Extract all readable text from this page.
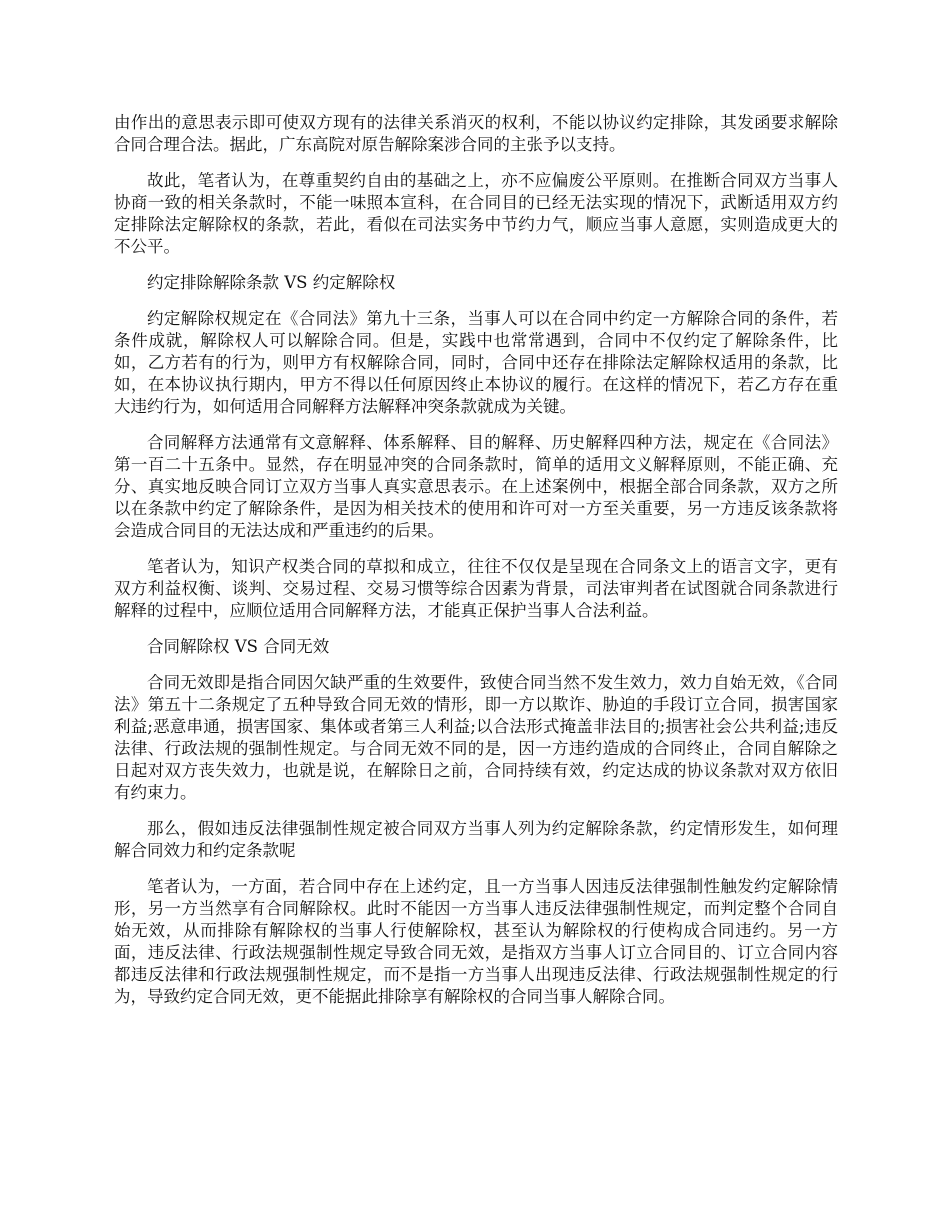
由作出的意思表示即可使双方现有的法律关系消灭的权利，不能以协议约定排除，其发函要求解除合同合理合法。据此，广东高院对原告解除案涉合同的主张予以支持。

故此，笔者认为，在尊重契约自由的基础之上，亦不应偏废公平原则。在推断合同双方当事人协商一致的相关条款时，不能一味照本宣科，在合同目的已经无法实现的情况下，武断适用双方约定排除法定解除权的条款，若此，看似在司法实务中节约力气，顺应当事人意愿，实则造成更大的不公平。

约定排除解除条款 VS 约定解除权

约定解除权规定在《合同法》第九十三条，当事人可以在合同中约定一方解除合同的条件，若条件成就，解除权人可以解除合同。但是，实践中也常常遇到，合同中不仅约定了解除条件，比如，乙方若有的行为，则甲方有权解除合同，同时，合同中还存在排除法定解除权适用的条款，比如，在本协议执行期内，甲方不得以任何原因终止本协议的履行。在这样的情况下，若乙方存在重大违约行为，如何适用合同解释方法解释冲突条款就成为关键。

合同解释方法通常有文意解释、体系解释、目的解释、历史解释四种方法，规定在《合同法》第一百二十五条中。显然，存在明显冲突的合同条款时，简单的适用文义解释原则，不能正确、充分、真实地反映合同订立双方当事人真实意思表示。在上述案例中，根据全部合同条款，双方之所以在条款中约定了解除条件，是因为相关技术的使用和许可对一方至关重要，另一方违反该条款将会造成合同目的无法达成和严重违约的后果。

笔者认为，知识产权类合同的草拟和成立，往往不仅仅是呈现在合同条文上的语言文字，更有双方利益权衡、谈判、交易过程、交易习惯等综合因素为背景，司法审判者在试图就合同条款进行解释的过程中，应顺位适用合同解释方法，才能真正保护当事人合法利益。

合同解除权 VS 合同无效

合同无效即是指合同因欠缺严重的生效要件，致使合同当然不发生效力，效力自始无效，《合同法》第五十二条规定了五种导致合同无效的情形，即一方以欺诈、胁迫的手段订立合同，损害国家利益;恶意串通，损害国家、集体或者第三人利益;以合法形式掩盖非法目的;损害社会公共利益;违反法律、行政法规的强制性规定。与合同无效不同的是，因一方违约造成的合同终止，合同自解除之日起对双方丧失效力，也就是说，在解除日之前，合同持续有效，约定达成的协议条款对双方依旧有约束力。

那么，假如违反法律强制性规定被合同双方当事人列为约定解除条款，约定情形发生，如何理解合同效力和约定条款呢

笔者认为，一方面，若合同中存在上述约定，且一方当事人因违反法律强制性触发约定解除情形，另一方当然享有合同解除权。此时不能因一方当事人违反法律强制性规定，而判定整个合同自始无效，从而排除有解除权的当事人行使解除权，甚至认为解除权的行使构成合同违约。另一方面，违反法律、行政法规强制性规定导致合同无效，是指双方当事人订立合同目的、订立合同内容都违反法律和行政法规强制性规定，而不是指一方当事人出现违反法律、行政法规强制性规定的行为，导致约定合同无效，更不能据此排除享有解除权的合同当事人解除合同。
